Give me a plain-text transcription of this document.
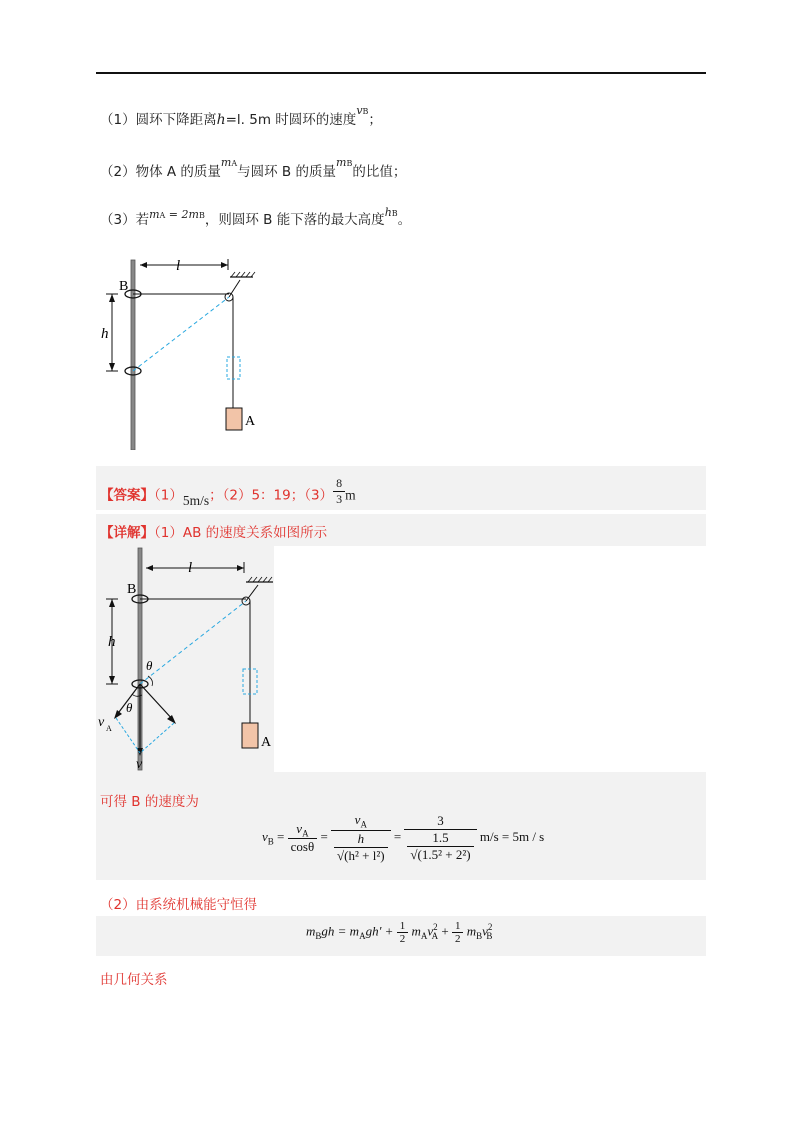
（1）圆环下降距离h=l. 5m 时圆环的速度vB；
（2）物体 A 的质量mA与圆环 B 的质量mB的比值；
（3）若mA = 2mB，则圆环 B 能下落的最大高度hB。
l
B
h
A
【答案】（1）5m/s；（2）5：19；$(3) \frac{8}{3}$ m
【详解】（1）AB 的速度关系如图所示
l
B
h
θ
θ
v A
v
A
可得 B 的速度为
$v_B = \frac{v_A}{\cos\theta} = \frac{v_A}{\frac{h}{\text{√(h² + l²)}}} = \frac{3}{\frac{1.5}{\text{√(1.5² + 2²)}}} m/s = 5m / s$
（2）由系统机械能守恒得
$m_Bgh = m_Agh' + \frac{1}{2} m_Av^2_A + \frac{1}{2} m_Bv^2_B$
由几何关系
